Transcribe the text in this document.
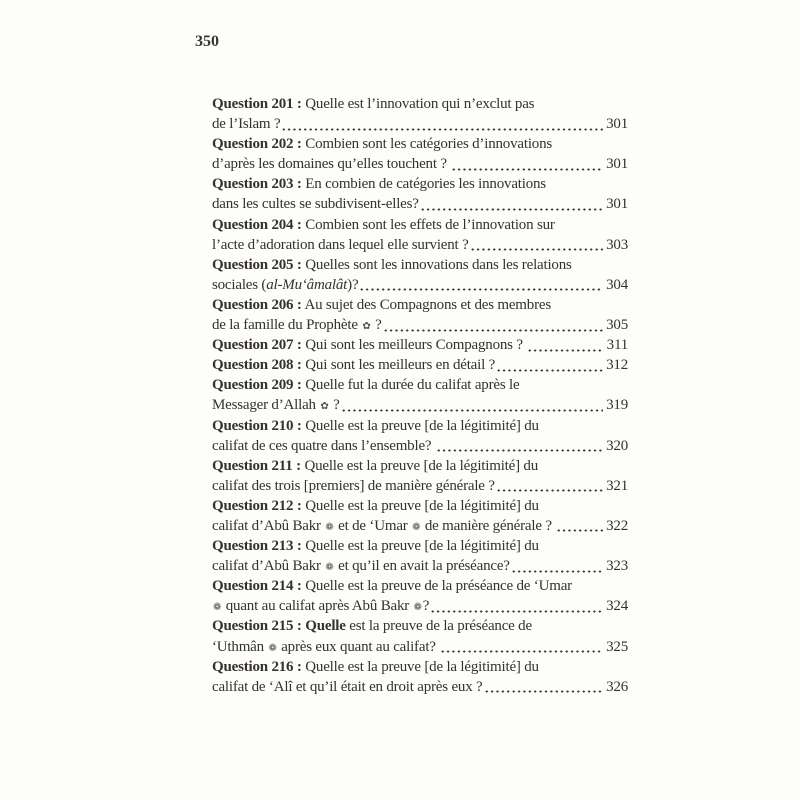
350
Question 201 : Quelle est l’innovation qui n’exclut pas
de l’Islam ?	301
Question 202 : Combien sont les catégories d’innovations
d’après les domaines qu’elles touchent ?	301
Question 203 : En combien de catégories les innovations
dans les cultes se subdivisent-elles?	301
Question 204 : Combien sont les effets de l’innovation sur
l’acte d’adoration dans lequel elle survient ?	303
Question 205 : Quelles sont les innovations dans les relations
sociales ( al-Mu‘âmalât )?	304
Question 206 : Au sujet des Compagnons et des membres
de la famille du Prophète ✿ ?	305
Question 207 : Qui sont les meilleurs Compagnons ?	311
Question 208 : Qui sont les meilleurs en détail ?	312
Question 209 : Quelle fut la durée du califat après le
Messager d’Allah ✿ ?	319
Question 210 : Quelle est la preuve [de la légitimité] du
califat de ces quatre dans l’ensemble?	320
Question 211 : Quelle est la preuve [de la légitimité] du
califat des trois [premiers] de manière générale ?	321
Question 212 : Quelle est la preuve [de la légitimité] du
califat d’Abû Bakr ❁ et de ‘Umar ❁ de manière générale ?	322
Question 213 : Quelle est la preuve [de la légitimité] du
califat d’Abû Bakr ❁ et qu’il en avait la préséance?	323
Question 214 : Quelle est la preuve de la préséance de ‘Umar
❁ quant au califat après Abû Bakr ❁ ?	324
Question 215 : Quelle est la preuve de la préséance de
‘Uthmân ❁ après eux quant au califat?	325
Question 216 : Quelle est la preuve [de la légitimité] du
califat de ‘Alî et qu’il était en droit après eux ?	326
